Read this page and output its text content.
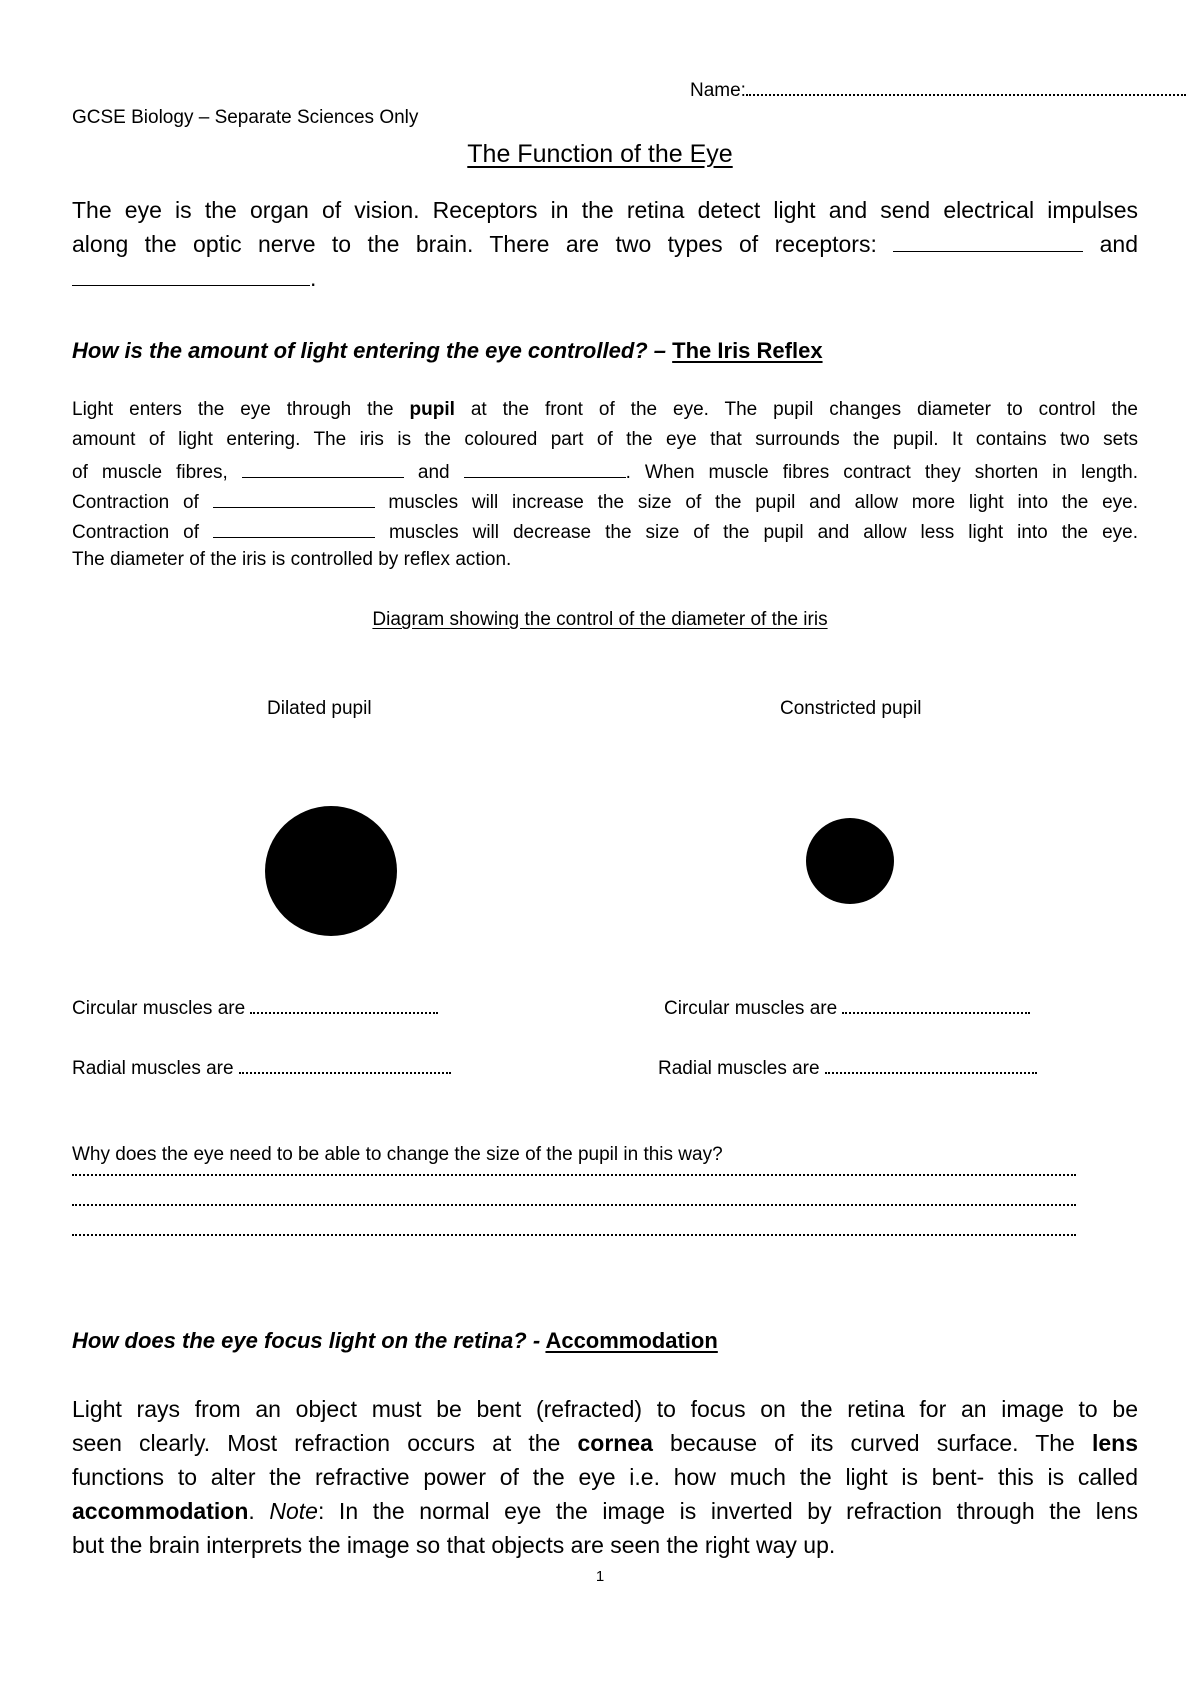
Name:
GCSE Biology – Separate Sciences Only
The Function of the Eye
The eye is the organ of vision. Receptors in the retina detect light and send electrical impulses
along the optic nerve to the brain. There are two types of receptors:	and
.
How is the amount of light entering the eye controlled? – The Iris Reflex
Light enters the eye through the pupil at the front of the eye. The pupil changes diameter to control the
amount of light entering. The iris is the coloured part of the eye that surrounds the pupil. It contains two sets
of muscle fibres,	and	. When muscle fibres contract they shorten in length.
Contraction of	muscles will increase the size of the pupil and allow more light into the eye.
Contraction of	muscles will decrease the size of the pupil and allow less light into the eye.
The diameter of the iris is controlled by reflex action.
Diagram showing the control of the diameter of the iris
Dilated pupil	Constricted pupil
Circular muscles are	Circular muscles are
Radial muscles are	Radial muscles are
Why does the eye need to be able to change the size of the pupil in this way?
How does the eye focus light on the retina? - Accommodation
Light rays from an object must be bent (refracted) to focus on the retina for an image to be
seen clearly. Most refraction occurs at the cornea because of its curved surface. The lens
functions to alter the refractive power of the eye i.e. how much the light is bent- this is called
accommodation. Note: In the normal eye the image is inverted by refraction through the lens
but the brain interprets the image so that objects are seen the right way up.
1
